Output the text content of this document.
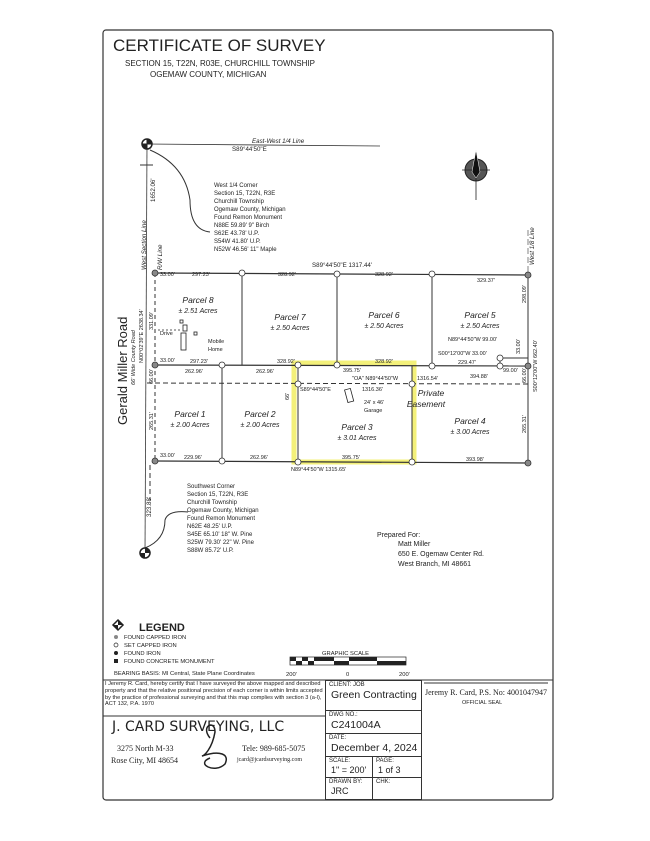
CERTIFICATE OF SURVEY
SECTION 15, T22N, R03E, CHURCHILL TOWNSHIP
OGEMAW COUNTY, MICHIGAN
East-West 1/4 Line
S89°44'50"E
West Section Line R/W Line	West 1/8 Line
1652.06'
Gerald Miller Road 66' Wide County Road N00°02'39"E 2638.34'
323.88'
S89°44'50"E 1317.44'
West 1/4 Corner
Section 15, T22N, R3E
Churchill Township
Ogemaw County, Michigan
Found Remon Monument
N88E 59.89' 9" Birch
S62E 43.78' U.P.
S54W 41.80' U.P.
N52W 46.56' 11" Maple
Southwest Corner
Section 15, T22N, R3E
Churchill Township
Ogemaw County, Michigan
Found Remon Monument
N62E 48.25' U.P.
S45E 65.10' 18" W. Pine
S25W 79.30' 22" W. Pine
S88W 85.72' U.P.
Parcel 8
± 2.51 Acres
Parcel 7
± 2.50 Acres
Parcel 6
± 2.50 Acres
Parcel 5
± 2.50 Acres
Parcel 1
± 2.00 Acres
Parcel 2
± 2.00 Acres	Parcel 3
± 3.01 Acres
Parcel 4
± 3.00 Acres
Private
Easement
33.00'	297.23'	328.92'	328.92'
329.37'
331.09'
33.00'	297.23'	328.92'	328.92'	229.47'
99.00'
262.96'	262.96'	395.75'
394.88'
"OA" N89°44'50"W	1316.54'
S89°44'50"E	1316.36'
66.00'
66'
66.00'
265.31'	265.31'
298.09'
S00°12'00"W 662.40'
N89°44'50"W 99.00'
S00°12'00"W 33.00'	33.00'
33.00' 229.96'	262.96'	395.75'	393.98'
N89°44'50"W 1315.65'
Drive
Mobile
Home
24' x 46'
Garage
Prepared For:
Matt Miller
650 E. Ogemaw Center Rd.
West Branch, MI 48661
LEGEND
FOUND CAPPED IRON
SET CAPPED IRON
FOUND IRON
FOUND CONCRETE MONUMENT
BEARING BASIS: MI Central, State Plane Coordinates
GRAPHIC SCALE
200'	0	200'
I Jeremy R. Card, hereby certify that I have surveyed the above mapped and described property and that the relative positional precision of each corner is within limits accepted by the practice of professional surveying and that this map complies with section 3 (a-l), ACT 132, P.A. 1970
J. CARD SURVEYING, LLC
3275 North M-33
Rose City, MI 48654
Tele: 989-685-5075
jcard@jcardsurveying.com
CLIENT: JOB
Green Contracting
DWG NO.:
C241004A
DATE:
December 4, 2024
SCALE:
1" = 200'
PAGE:
1 of 3
DRAWN BY:
JRC
CHK:
Jeremy R. Card, P.S. No: 4001047947
OFFICIAL SEAL
